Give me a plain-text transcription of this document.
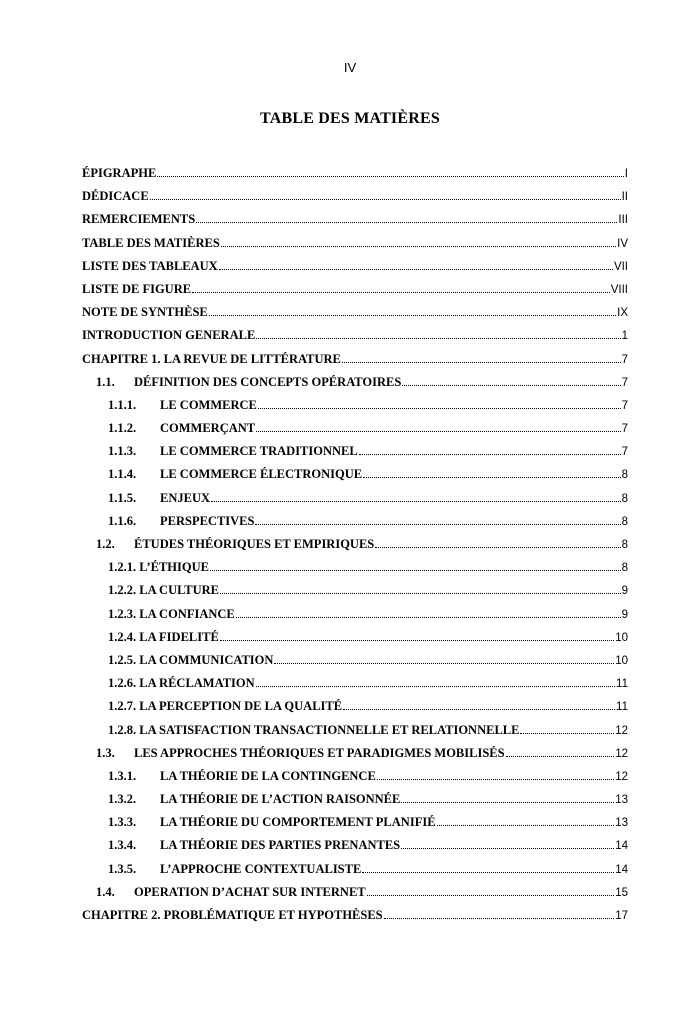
IV
TABLE DES MATIÈRES
ÉPIGRAPHE	I
DÉDICACE	II
REMERCIEMENTS	III
TABLE DES MATIÈRES	IV
LISTE DES TABLEAUX	VII
LISTE DE FIGURE	VIII
NOTE DE SYNTHÈSE	IX
INTRODUCTION GENERALE	1
CHAPITRE 1. LA REVUE DE LITTÉRATURE	7
1.1.	DÉFINITION DES CONCEPTS OPÉRATOIRES	7
1.1.1.	LE COMMERCE	7
1.1.2.	COMMERÇANT	7
1.1.3.	LE COMMERCE TRADITIONNEL	7
1.1.4.	LE COMMERCE ÉLECTRONIQUE	8
1.1.5.	ENJEUX	8
1.1.6.	PERSPECTIVES	8
1.2.	ÉTUDES THÉORIQUES ET EMPIRIQUES	8
1.2.1. L’ÉTHIQUE	8
1.2.2. LA CULTURE	9
1.2.3. LA CONFIANCE	9
1.2.4. LA FIDELITÉ	10
1.2.5. LA COMMUNICATION	10
1.2.6. LA RÉCLAMATION	11
1.2.7. LA PERCEPTION DE LA QUALITÉ	11
1.2.8. LA SATISFACTION TRANSACTIONNELLE ET RELATIONNELLE	12
1.3.	LES APPROCHES THÉORIQUES ET PARADIGMES MOBILISÉS	12
1.3.1.	LA THÉORIE DE LA CONTINGENCE	12
1.3.2.	LA THÉORIE DE L’ACTION RAISONNÉE	13
1.3.3.	LA THÉORIE DU COMPORTEMENT PLANIFIÉ	13
1.3.4.	LA THÉORIE DES PARTIES PRENANTES	14
1.3.5.	L’APPROCHE CONTEXTUALISTE	14
1.4.	OPERATION D’ACHAT SUR INTERNET	15
CHAPITRE 2. PROBLÉMATIQUE ET HYPOTHÈSES	17
